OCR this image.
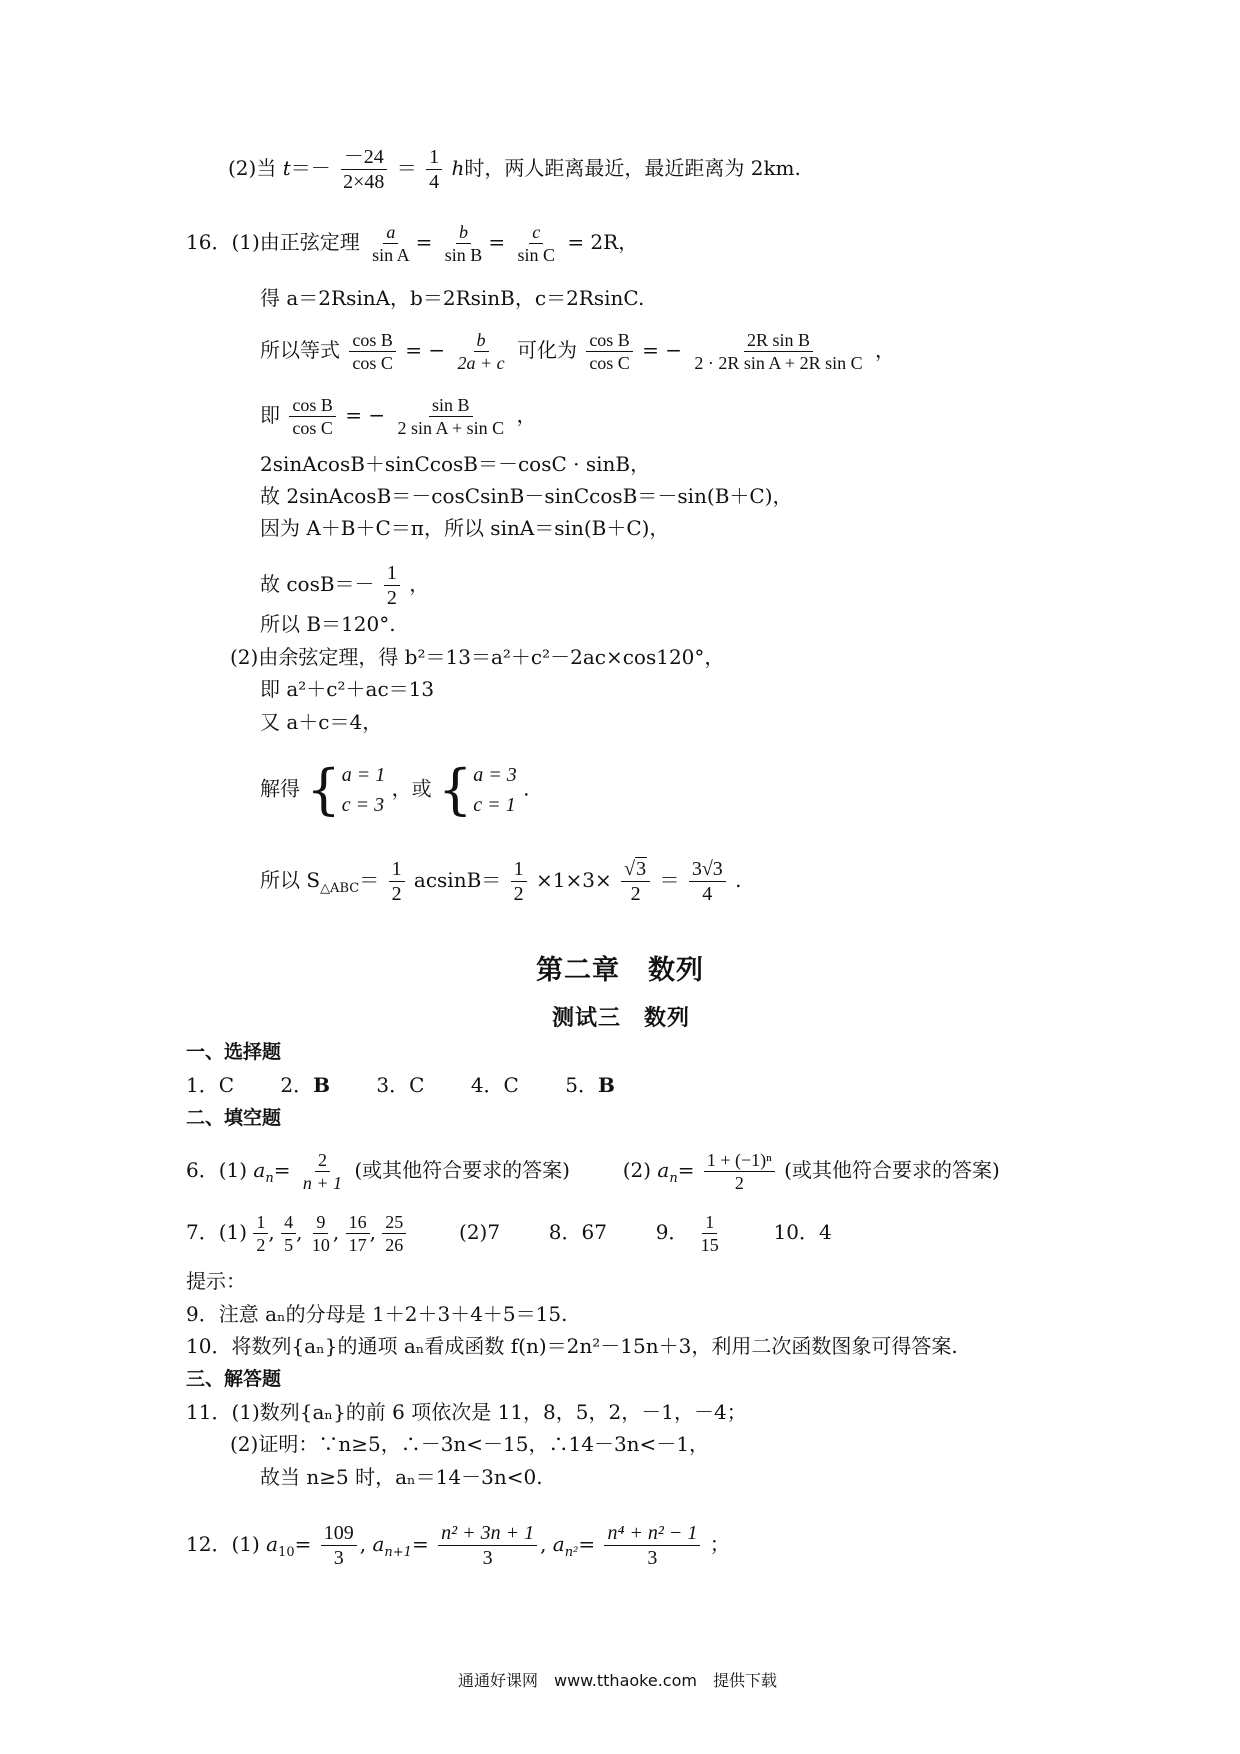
(2)当 $t=- \frac{-24}{2\times 48} = \frac{1}{4}$ h时，两人距离最近，最近距离为 2km.
16．(1)由正弦定理 $\frac{a}{\text{sin A}} = \frac{b}{\text{sin B}} = \frac{c}{\text{sin C}} = 2R$，
得 a＝2RsinA，b＝2RsinB，c＝2RsinC.
所以等式 $\frac{\text{cos B}}{\text{cos C}}$ = − $\frac{b}{2a + c}$ 可化为 $\frac{\text{cos B}}{\text{cos C}}$ = − $\frac{\text{2R sin B}}{\text{2 · 2R sin A + 2R sin C}}$ ，
即 $\frac{\text{cos B}}{\text{cos C}}$ = − $\frac{\text{sin B}}{\text{2 sin A + sin C}}$ ，
2sinAcosB＋sinCcosB＝－cosC · sinB，
故 2sinAcosB＝－cosCsinB－sinCcosB＝－sin(B＋C)，
因为 A＋B＋C＝π，所以 sinA＝sin(B＋C)，
故 $\cos B=- \frac{1}{2}$ ，
所以 B＝120°.
(2)由余弦定理，得 b²＝13＝a²＋c²－2ac×cos120°，
即 a²＋c²＋ac＝13
又 a＋c＝4，
解得 { a = 1
c = 3
，或 { a = 3
c = 1
.
所以 $S_{\triangle ABC}= \frac{1}{2} acsinB= \frac{1}{2} \times 1\times 3\times \frac{√3}{2} = \frac{3√3}{4}$ .
第二章　数列
测试三　数列
一、选择题
1．C 2．B 3．C 4．C 5．B
二、填空题
6．(1) $a_n= \frac{2}{n + 1}$ (或其他符合要求的答案)	(2) $a_n= \frac{\text{1 + (−1)ⁿ}}{2}$ (或其他符合要求的答案)
7．$(1) \frac{1}{2}$ , $\frac{4}{5}$ , $\frac{9}{10}$ , $\frac{16}{17}$ , $\frac{25}{26}$	(2)7 8．67 9． $\frac{1}{15}$	10．4
提示：
9．注意 aₙ的分母是 1＋2＋3＋4＋5＝15.
10．将数列{aₙ}的通项 aₙ看成函数 f(n)＝2n²－15n＋3，利用二次函数图象可得答案.
三、解答题
11．(1)数列{aₙ}的前 6 项依次是 11，8，5，2，－1，－4；
(2)证明：∵n≥5，∴－3n<－15，∴14－3n<－1，
故当 n≥5 时，aₙ＝14－3n<0.
12．(1) $a_{10}= \frac{109}{3}$ , $a_{n+1}= \frac{\text{n² + 3n + 1}}{3}$ , $a_{n^2}= \frac{\text{n⁴ + n² − 1}}{3}$ ；
通通好课网　www.tthaoke.com　提供下载
